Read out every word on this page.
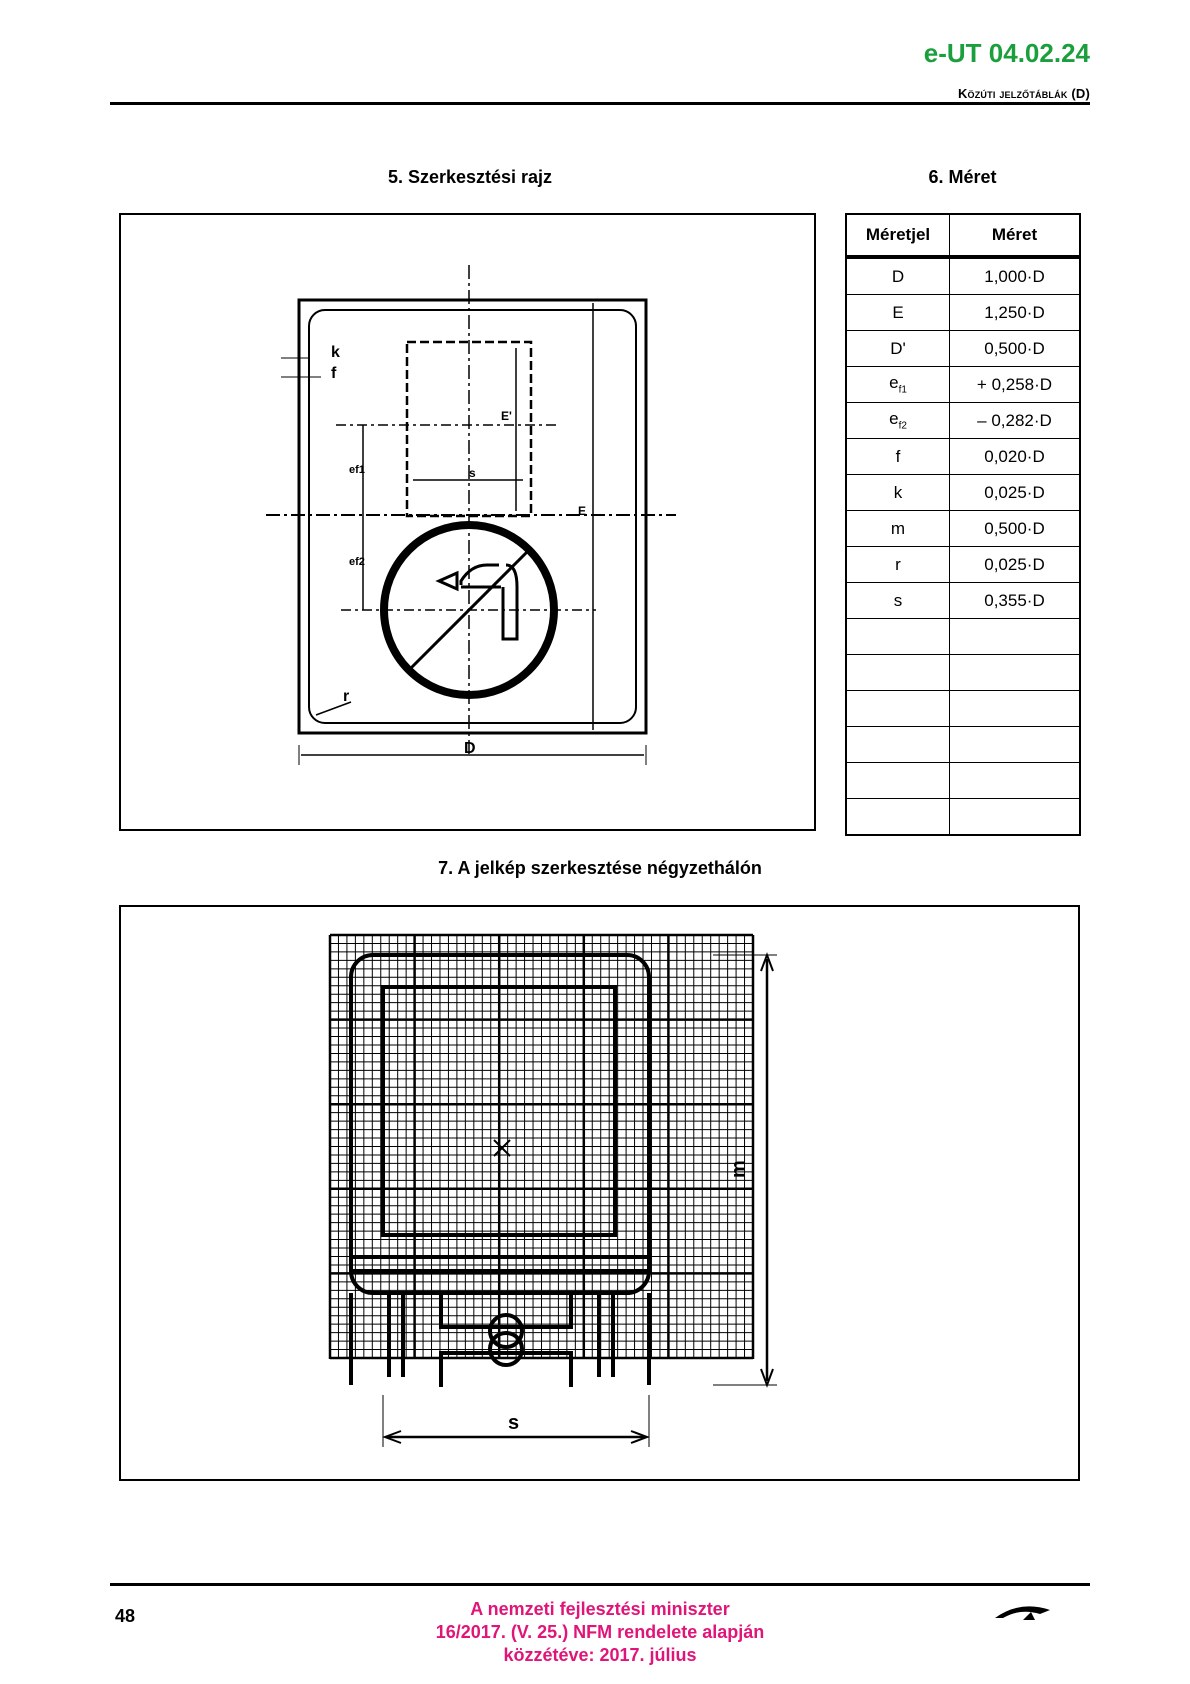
e-UT 04.02.24
Közúti jelzőtáblák (D)
5. Szerkesztési rajz	6. Méret
7. A jelkép szerkesztése négyzethálón
k
f
E'
s
ef1
ef2
E
r
D
Méretjel	Méret
D	1,000·D
E	1,250·D
D'	0,500·D
$e_{f1}$	+ 0,258·D
$e_{f2}$	– 0,282·D
f	0,020·D
k	0,025·D
m	0,500·D
r	0,025·D
s	0,355·D

m
s
48	A nemzeti fejlesztési miniszter
16/2017. (V. 25.) NFM rendelete alapján
közzétéve: 2017. július
